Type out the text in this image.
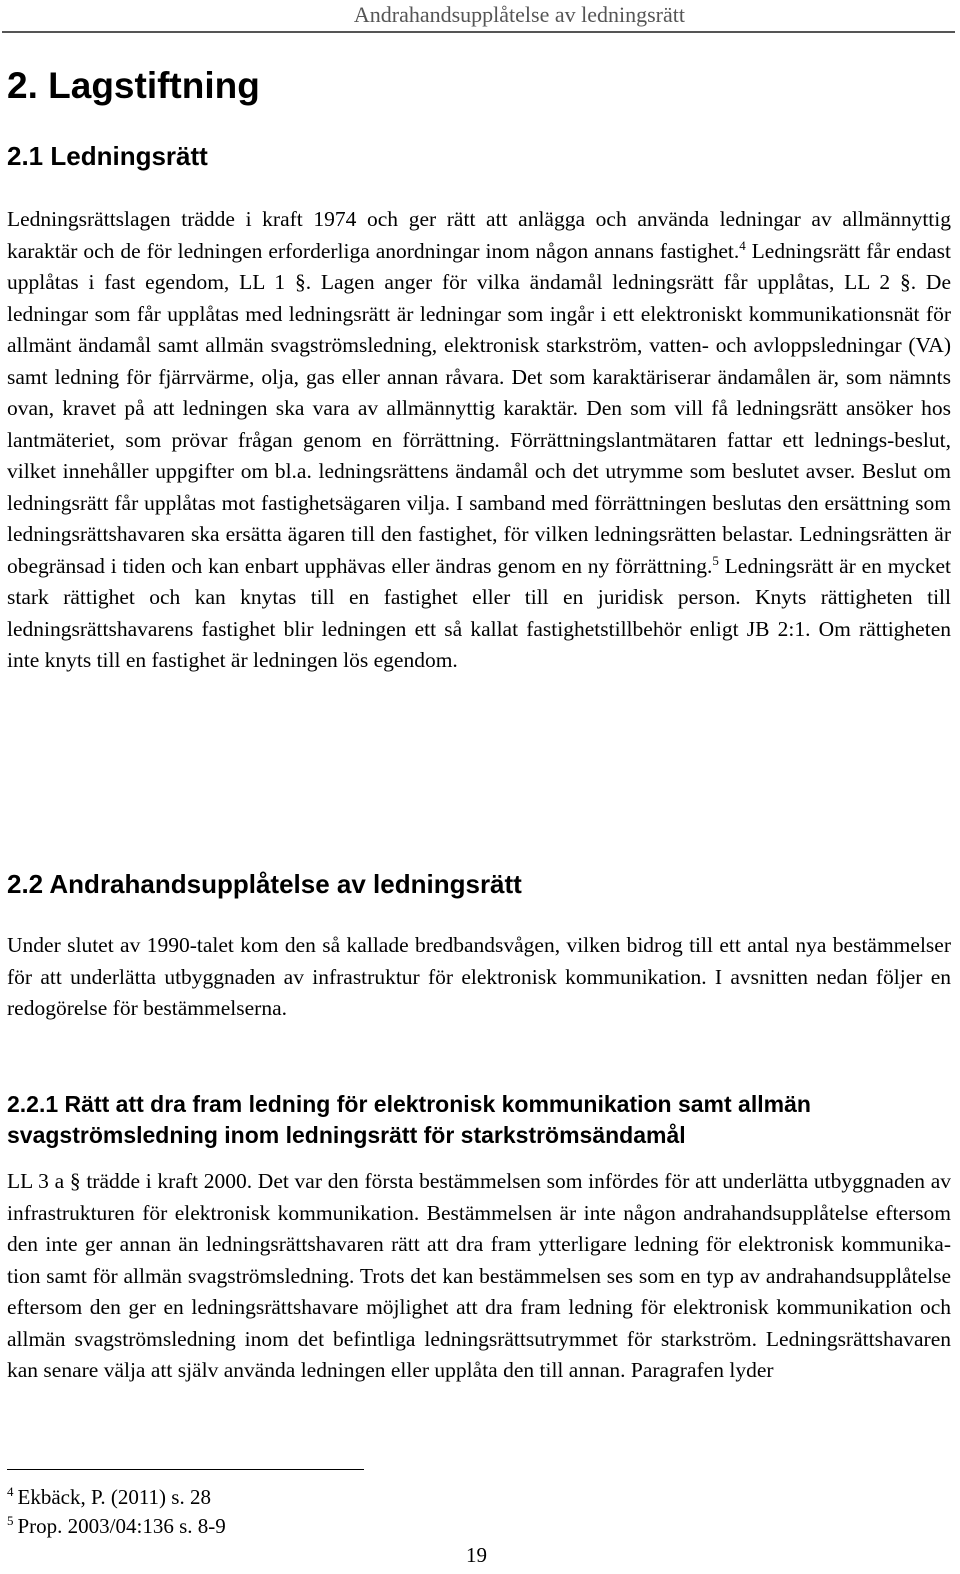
Andrahandsupplåtelse av ledningsrätt
2. Lagstiftning
2.1 Ledningsrätt

Ledningsrättslagen trädde i kraft 1974 och ger rätt att anlägga och använda ledningar av allmännyttig karaktär och de för ledningen erforderliga anordningar inom någon annans fastighet.$^4$ Ledningsrätt får endast upplåtas i fast egendom, LL 1 §. Lagen anger för vilka ändamål ledningsrätt får upplåtas, LL 2 §. De ledningar som får upplåtas med ledningsrätt är ledningar som ingår i ett elektroniskt kommunikationsnät för allmänt ändamål samt allmän svagströmsledning, elektronisk starkström, vatten- och avloppsledningar (VA) samt ledning för fjärrvärme, olja, gas eller annan råvara. Det som karaktäriserar ändamålen är, som nämnts ovan, kravet på att ledningen ska vara av allmännyttig karaktär. Den som vill få ledningsrätt ansöker hos lantmäteriet, som prövar frågan genom en förrättning. Förrättningslantmätaren fattar ett lednings-beslut, vilket innehåller uppgifter om bl.a. ledningsrättens ändamål och det utrymme som beslutet avser. Beslut om ledningsrätt får upplåtas mot fastighetsägaren vilja. I samband med förrättningen beslutas den ersättning som ledningsrättshavaren ska ersätta ägaren till den fastighet, för vilken ledningsrätten belastar. Ledningsrätten är obegränsad i tiden och kan enbart upphävas eller ändras genom en ny förrättning.$^5$ Ledningsrätt är en mycket stark rättighet och kan knytas till en fastighet eller till en juridisk person. Knyts rättigheten till ledningsrättshavarens fastighet blir ledningen ett så kallat fastighetstillbehör enligt JB 2:1. Om rättigheten inte knyts till en fastighet är ledningen lös egendom.

2.2 Andrahandsupplåtelse av ledningsrätt

Under slutet av 1990-talet kom den så kallade bredbandsvågen, vilken bidrog till ett antal nya bestämmelser för att underlätta utbyggnaden av infrastruktur för elektronisk kommunikation. I avsnitten nedan följer en redogörelse för bestämmelserna.

2.2.1 Rätt att dra fram ledning för elektronisk kommunikation samt allmän svagströmsledning inom ledningsrätt för starkströmsändamål

LL 3 a § trädde i kraft 2000. Det var den första bestämmelsen som infördes för att underlätta utbyggnaden av infrastrukturen för elektronisk kommunikation. Bestämmelsen är inte någon andrahandsupplåtelse eftersom den inte ger annan än ledningsrättshavaren rätt att dra fram ytterligare ledning för elektronisk kommunika-tion samt för allmän svagströmsledning. Trots det kan bestämmelsen ses som en typ av andrahandsupplåtelse eftersom den ger en ledningsrättshavare möjlighet att dra fram ledning för elektronisk kommunikation och allmän svagströmsledning inom det befintliga ledningsrättsutrymmet för starkström. Ledningsrättshavaren kan senare välja att själv använda ledningen eller upplåta den till annan. Paragrafen lyder

$^4$ Ekbäck, P. (2011) s. 28

$^5$ Prop. 2003/04:136 s. 8-9

19
